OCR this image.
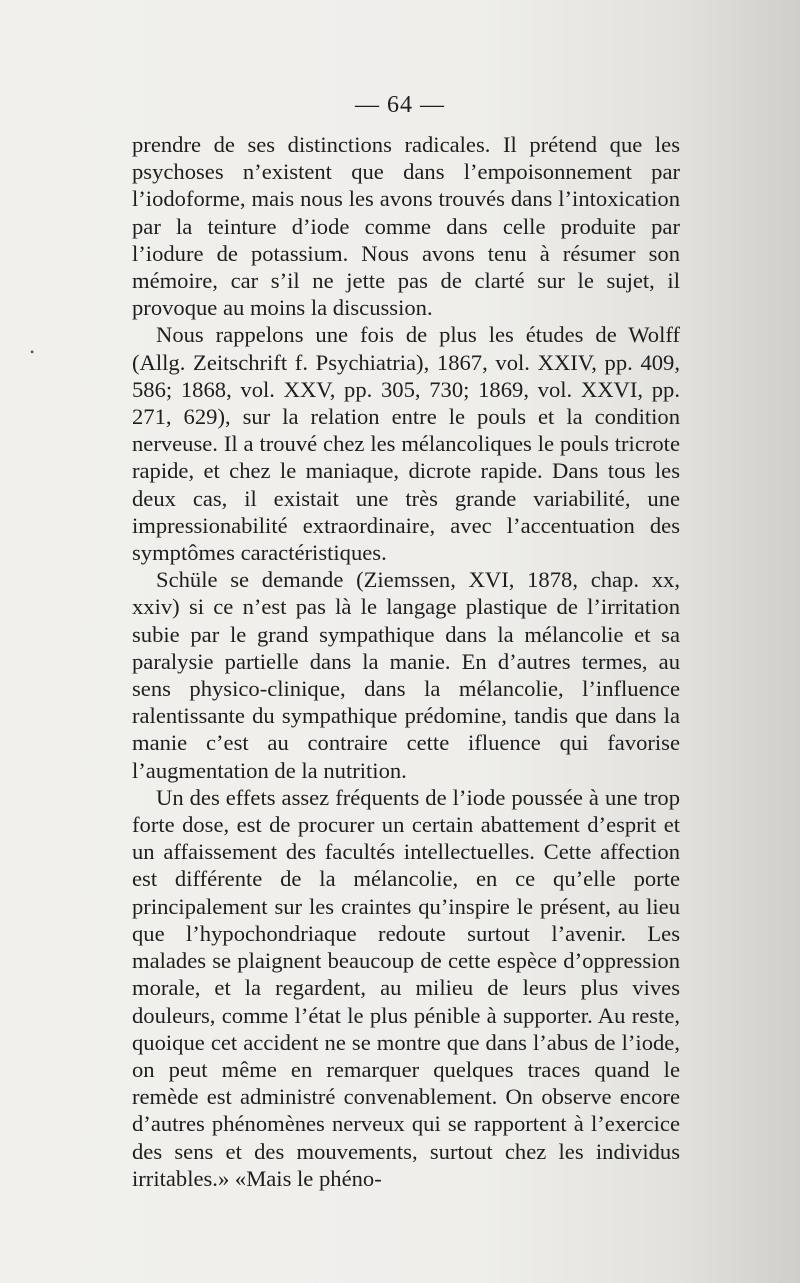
— 64 —
•

prendre de ses distinctions radicales. Il prétend que les psychoses n’existent que dans l’empoisonnement par l’iodoforme, mais nous les avons trouvés dans l’intoxication par la teinture d’iode comme dans celle produite par l’iodure de potassium. Nous avons tenu à résumer son mémoire, car s’il ne jette pas de clarté sur le sujet, il provoque au moins la discussion.

Nous rappelons une fois de plus les études de Wolff (Allg. Zeitschrift f. Psychiatria), 1867, vol. XXIV, pp. 409, 586; 1868, vol. XXV, pp. 305, 730; 1869, vol. XXVI, pp. 271, 629), sur la relation entre le pouls et la condition nerveuse. Il a trouvé chez les mélancoliques le pouls tricrote rapide, et chez le maniaque, dicrote rapide. Dans tous les deux cas, il existait une très grande variabilité, une impressionabilité extraordinaire, avec l’accentuation des symptômes caractéristiques.

Schüle se demande (Ziemssen, XVI, 1878, chap. xx, xxiv) si ce n’est pas là le langage plastique de l’irritation subie par le grand sympathique dans la mélancolie et sa paralysie partielle dans la manie. En d’autres termes, au sens physico-clinique, dans la mélancolie, l’influence ralentissante du sympathique prédomine, tandis que dans la manie c’est au contraire cette ifluence qui favorise l’augmentation de la nutrition.

Un des effets assez fréquents de l’iode poussée à une trop forte dose, est de procurer un certain abattement d’esprit et un affaissement des facultés intellectuelles. Cette affection est différente de la mélancolie, en ce qu’elle porte principalement sur les craintes qu’inspire le présent, au lieu que l’hypochondriaque redoute surtout l’avenir. Les malades se plaignent beaucoup de cette espèce d’oppression morale, et la regardent, au milieu de leurs plus vives douleurs, comme l’état le plus pénible à supporter. Au reste, quoique cet accident ne se montre que dans l’abus de l’iode, on peut même en remarquer quelques traces quand le remède est administré convenablement. On observe encore d’autres phénomènes nerveux qui se rapportent à l’exercice des sens et des mouvements, surtout chez les individus irritables.» «Mais le phéno-
